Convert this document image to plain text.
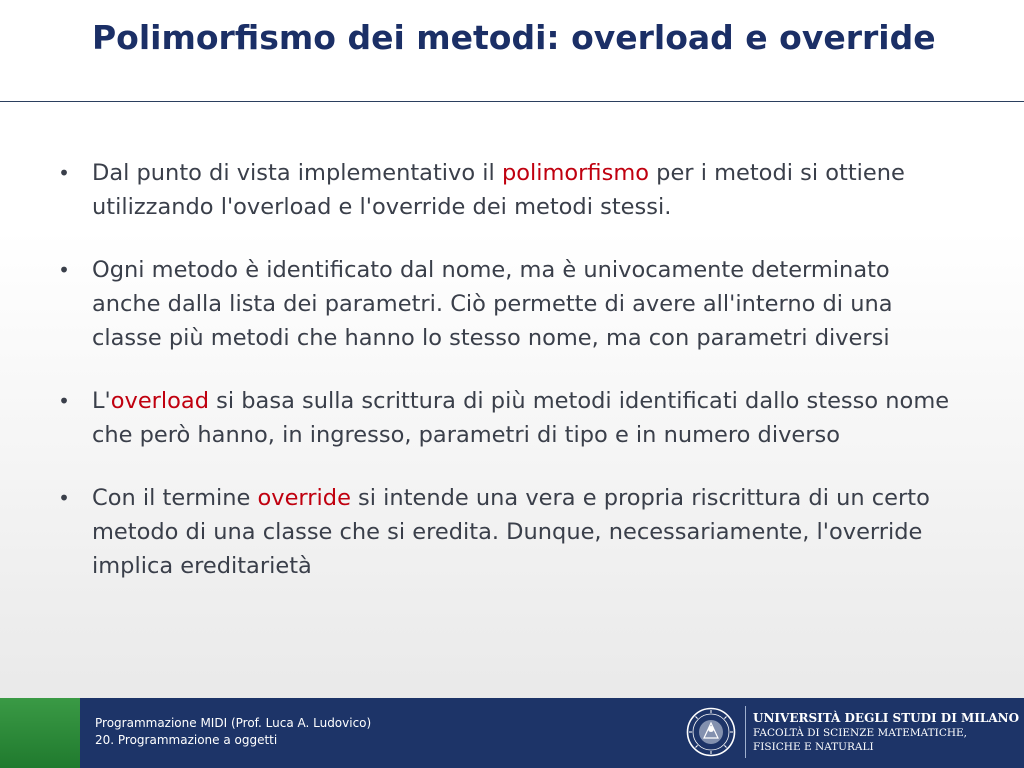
Polimorfismo dei metodi: overload e override
• Dal punto di vista implementativo il polimorfismo per i metodi si ottiene utilizzando l'overload e l'override dei metodi stessi.
• Ogni metodo è identificato dal nome, ma è univocamente determinato anche dalla lista dei parametri. Ciò permette di avere all'interno di una classe più metodi che hanno lo stesso nome, ma con parametri diversi
• L'overload si basa sulla scrittura di più metodi identificati dallo stesso nome che però hanno, in ingresso, parametri di tipo e in numero diverso
• Con il termine override si intende una vera e propria riscrittura di un certo metodo di una classe che si eredita. Dunque, necessariamente, l'override implica ereditarietà
Programmazione MIDI (Prof. Luca A. Ludovico)
20. Programmazione a oggetti
UNIVERSITÀ DEGLI STUDI DI MILANO
FACOLTÀ DI SCIENZE MATEMATICHE,
FISICHE E NATURALI
